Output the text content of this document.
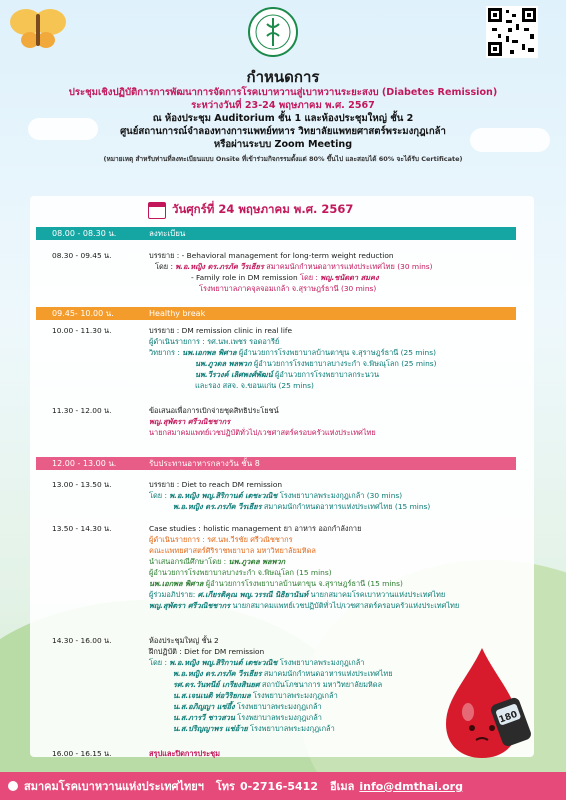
กำหนดการ
ประชุมเชิงปฏิบัติการการพัฒนาการจัดการโรคเบาหวานสู่เบาหวานระยะสงบ (Diabetes Remission)
ระหว่างวันที่ 23-24 พฤษภาคม พ.ศ. 2567
ณ ห้องประชุม Auditorium ชั้น 1 และห้องประชุมใหญ่ ชั้น 2
ศูนย์สถานการณ์จำลองทางการแพทย์ทหาร วิทยาลัยแพทยศาสตร์พระมงกุฎเกล้า
หรือผ่านระบบ Zoom Meeting
(หมายเหตุ สำหรับท่านที่ลงทะเบียนแบบ Onsite ที่เข้าร่วมกิจกรรมตั้งแต่ 80% ขึ้นไป และสอบได้ 60% จะได้รับ Certificate)
วันศุกร์ที่ 24 พฤษภาคม พ.ศ. 2567
08.00 - 08.30 น.	ลงทะเบียน
08.30 - 09.45 น.	บรรยาย : - Behavioral management for long-term weight reduction
โดย : พ.อ.หญิง ดร.ภรภัค วีรเธียร สมาคมนักกำหนดอาหารแห่งประเทศไทย (30 mins)
- Family role in DM remission โดย : พญ.ชนัดดา สมคง
โรงพยาบาลภาคจุลจอมเกล้า จ.สุราษฎร์ธานี (30 mins)
09.45- 10.00 น.	Healthy break
10.00 - 11.30 น.	บรรยาย : DM remission clinic in real life
ผู้ดำเนินรายการ : รศ.นพ.เพชร รอดอารีย์
วิทยากร : นพ.เอกพล พิศาล ผู้อำนวยการโรงพยาบาลบ้านตาขุน จ.สุราษฎร์ธานี (25 mins)
นพ.ภูวดล พลพวก ผู้อำนวยการโรงพยาบาลบางระกำ จ.พิษณุโลก (25 mins)
นพ.วีรวงค์ เลิศพงศ์พัฒน์ ผู้อำนวยการโรงพยาบาลกระนวน
และรอง สสจ. จ.ขอนแก่น (25 mins)
11.30 - 12.00 น.	ข้อเสนอเพื่อการเบิกจ่ายชุดสิทธิประโยชน์
พญ.สุพัตรา ศรีวณิชชากร
นายกสมาคมแพทย์เวชปฏิบัติทั่วไป/เวชศาสตร์ครอบครัวแห่งประเทศไทย
12.00 - 13.00 น.	รับประทานอาหารกลางวัน ชั้น 8
13.00 - 13.50 น.	บรรยาย : Diet to reach DM remission
โดย : พ.อ.หญิง พญ.สิริกานต์ เตชะวณิช โรงพยาบาลพระมงกุฎเกล้า (30 mins)
พ.อ.หญิง ดร.ภรภัค วีรเธียร สมาคมนักกำหนดอาหารแห่งประเทศไทย (15 mins)
13.50 - 14.30 น.	Case studies : holistic management ยา อาหาร ออกกำลังกาย
ผู้ดำเนินรายการ : รศ.นพ.วีรชัย ศรีวณิชชากร
คณะแพทยศาสตร์ศิริราชพยาบาล มหาวิทยาลัยมหิดล
นำเสนอกรณีศึกษาโดย : นพ.ภูวดล พลพวก
ผู้อำนวยการโรงพยาบาลบางระกำ จ.พิษณุโลก (15 mins)
นพ.เอกพล พิศาล ผู้อำนวยการโรงพยาบาลบ้านตาขุน จ.สุราษฎร์ธานี (15 mins)
ผู้ร่วมอภิปราย: ศ.เกียรติคุณ พญ.วรรณี นิธิยานันท์ นายกสมาคมโรคเบาหวานแห่งประเทศไทย
พญ.สุพัตรา ศรีวณิชชากร นายกสมาคมแพทย์เวชปฏิบัติทั่วไป/เวชศาสตร์ครอบครัวแห่งประเทศไทย
14.30 - 16.00 น.	ห้องประชุมใหญ่ ชั้น 2
ฝึกปฏิบัติ : Diet for DM remission
โดย : พ.อ.หญิง พญ.สิริกานต์ เตชะวณิช โรงพยาบาลพระมงกุฎเกล้า
พ.อ.หญิง ดร.ภรภัค วีรเธียร สมาคมนักกำหนดอาหารแห่งประเทศไทย
รศ.ดร.วันทนีย์ เกรียงสินยศ สถาบันโภชนาการ มหาวิทยาลัยมหิดล
น.ส.เจนเนติ ท่อวิริยกมล โรงพยาบาลพระมงกุฎเกล้า
น.ส.อภิญญา แซ่อึ้ง โรงพยาบาลพระมงกุฎเกล้า
น.ส.ภารวี ชาวสวน โรงพยาบาลพระมงกุฎเกล้า
น.ส.ปริญญาพร แช่อ้าย โรงพยาบาลพระมงกุฎเกล้า
16.00 - 16.15 น.	สรุปและปิดการประชุม
180
สมาคมโรคเบาหวานแห่งประเทศไทยฯ โทร 0-2716-5412 อีเมล info@dmthai.org
